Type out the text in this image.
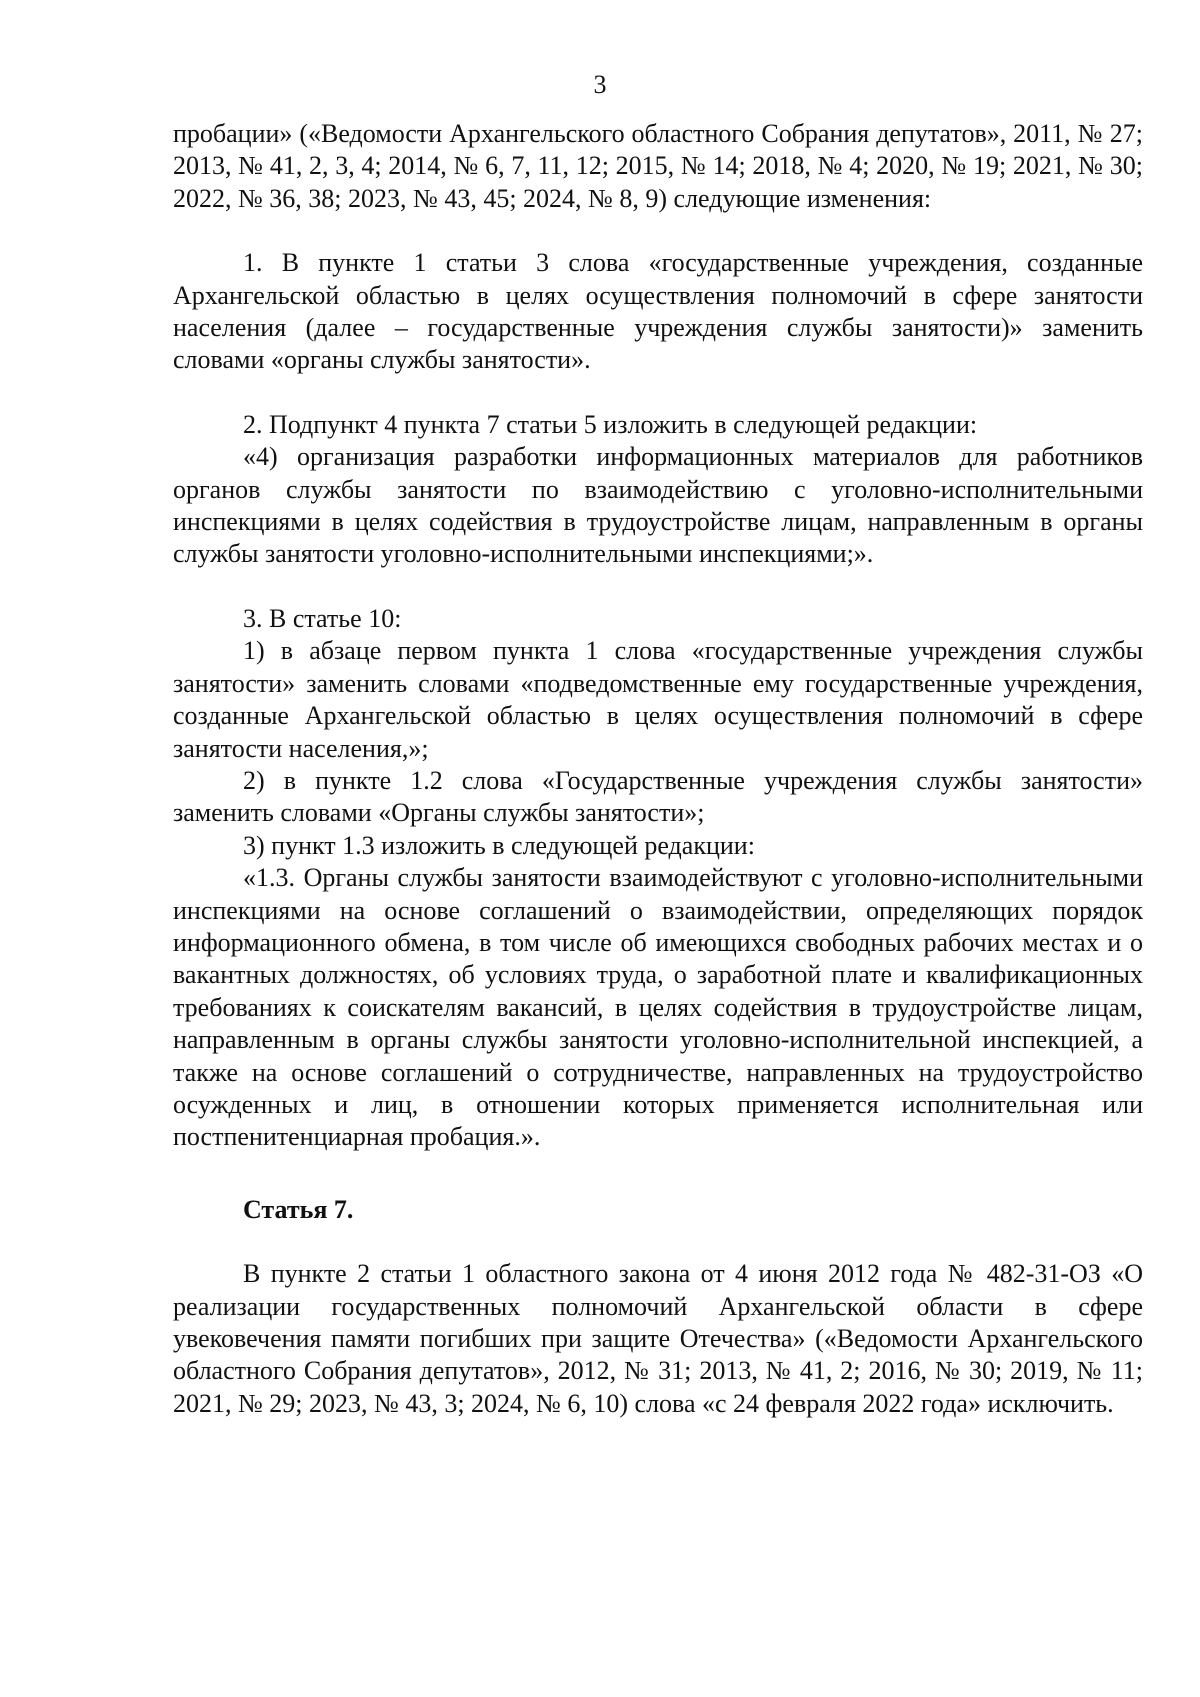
3

пробации» («Ведомости Архангельского областного Собрания депутатов», 2011, № 27; 2013, № 41, 2, 3, 4; 2014, № 6, 7, 11, 12; 2015, № 14; 2018, № 4; 2020, № 19; 2021, № 30; 2022, № 36, 38; 2023, № 43, 45; 2024, № 8, 9) следующие изменения:

1. В пункте 1 статьи 3 слова «государственные учреждения, созданные Архангельской областью в целях осуществления полномочий в сфере занятости населения (далее – государственные учреждения службы занятости)» заменить словами «органы службы занятости».

2. Подпункт 4 пункта 7 статьи 5 изложить в следующей редакции:

«4) организация разработки информационных материалов для работников органов службы занятости по взаимодействию с уголовно-исполнительными инспекциями в целях содействия в трудоустройстве лицам, направленным в органы службы занятости уголовно-исполнительными инспекциями;».

3. В статье 10:

1) в абзаце первом пункта 1 слова «государственные учреждения службы занятости» заменить словами «подведомственные ему государственные учреждения, созданные Архангельской областью в целях осуществления полномочий в сфере занятости населения,»;

2) в пункте 1.2 слова «Государственные учреждения службы занятости» заменить словами «Органы службы занятости»;

3) пункт 1.3 изложить в следующей редакции:

«1.3. Органы службы занятости взаимодействуют с уголовно-исполнительными инспекциями на основе соглашений о взаимодействии, определяющих порядок информационного обмена, в том числе об имеющихся свободных рабочих местах и о вакантных должностях, об условиях труда, о заработной плате и квалификационных требованиях к соискателям вакансий, в целях содействия в трудоустройстве лицам, направленным в органы службы занятости уголовно-исполнительной инспекцией, а также на основе соглашений о сотрудничестве, направленных на трудоустройство осужденных и лиц, в отношении которых применяется исполнительная или постпенитенциарная пробация.».

Статья 7.

В пункте 2 статьи 1 областного закона от 4 июня 2012 года № 482-31-ОЗ «О реализации государственных полномочий Архангельской области в сфере увековечения памяти погибших при защите Отечества» («Ведомости Архангельского областного Собрания депутатов», 2012, № 31; 2013, № 41, 2; 2016, № 30; 2019, № 11; 2021, № 29; 2023, № 43, 3; 2024, № 6, 10) слова «с 24 февраля 2022 года» исключить.
